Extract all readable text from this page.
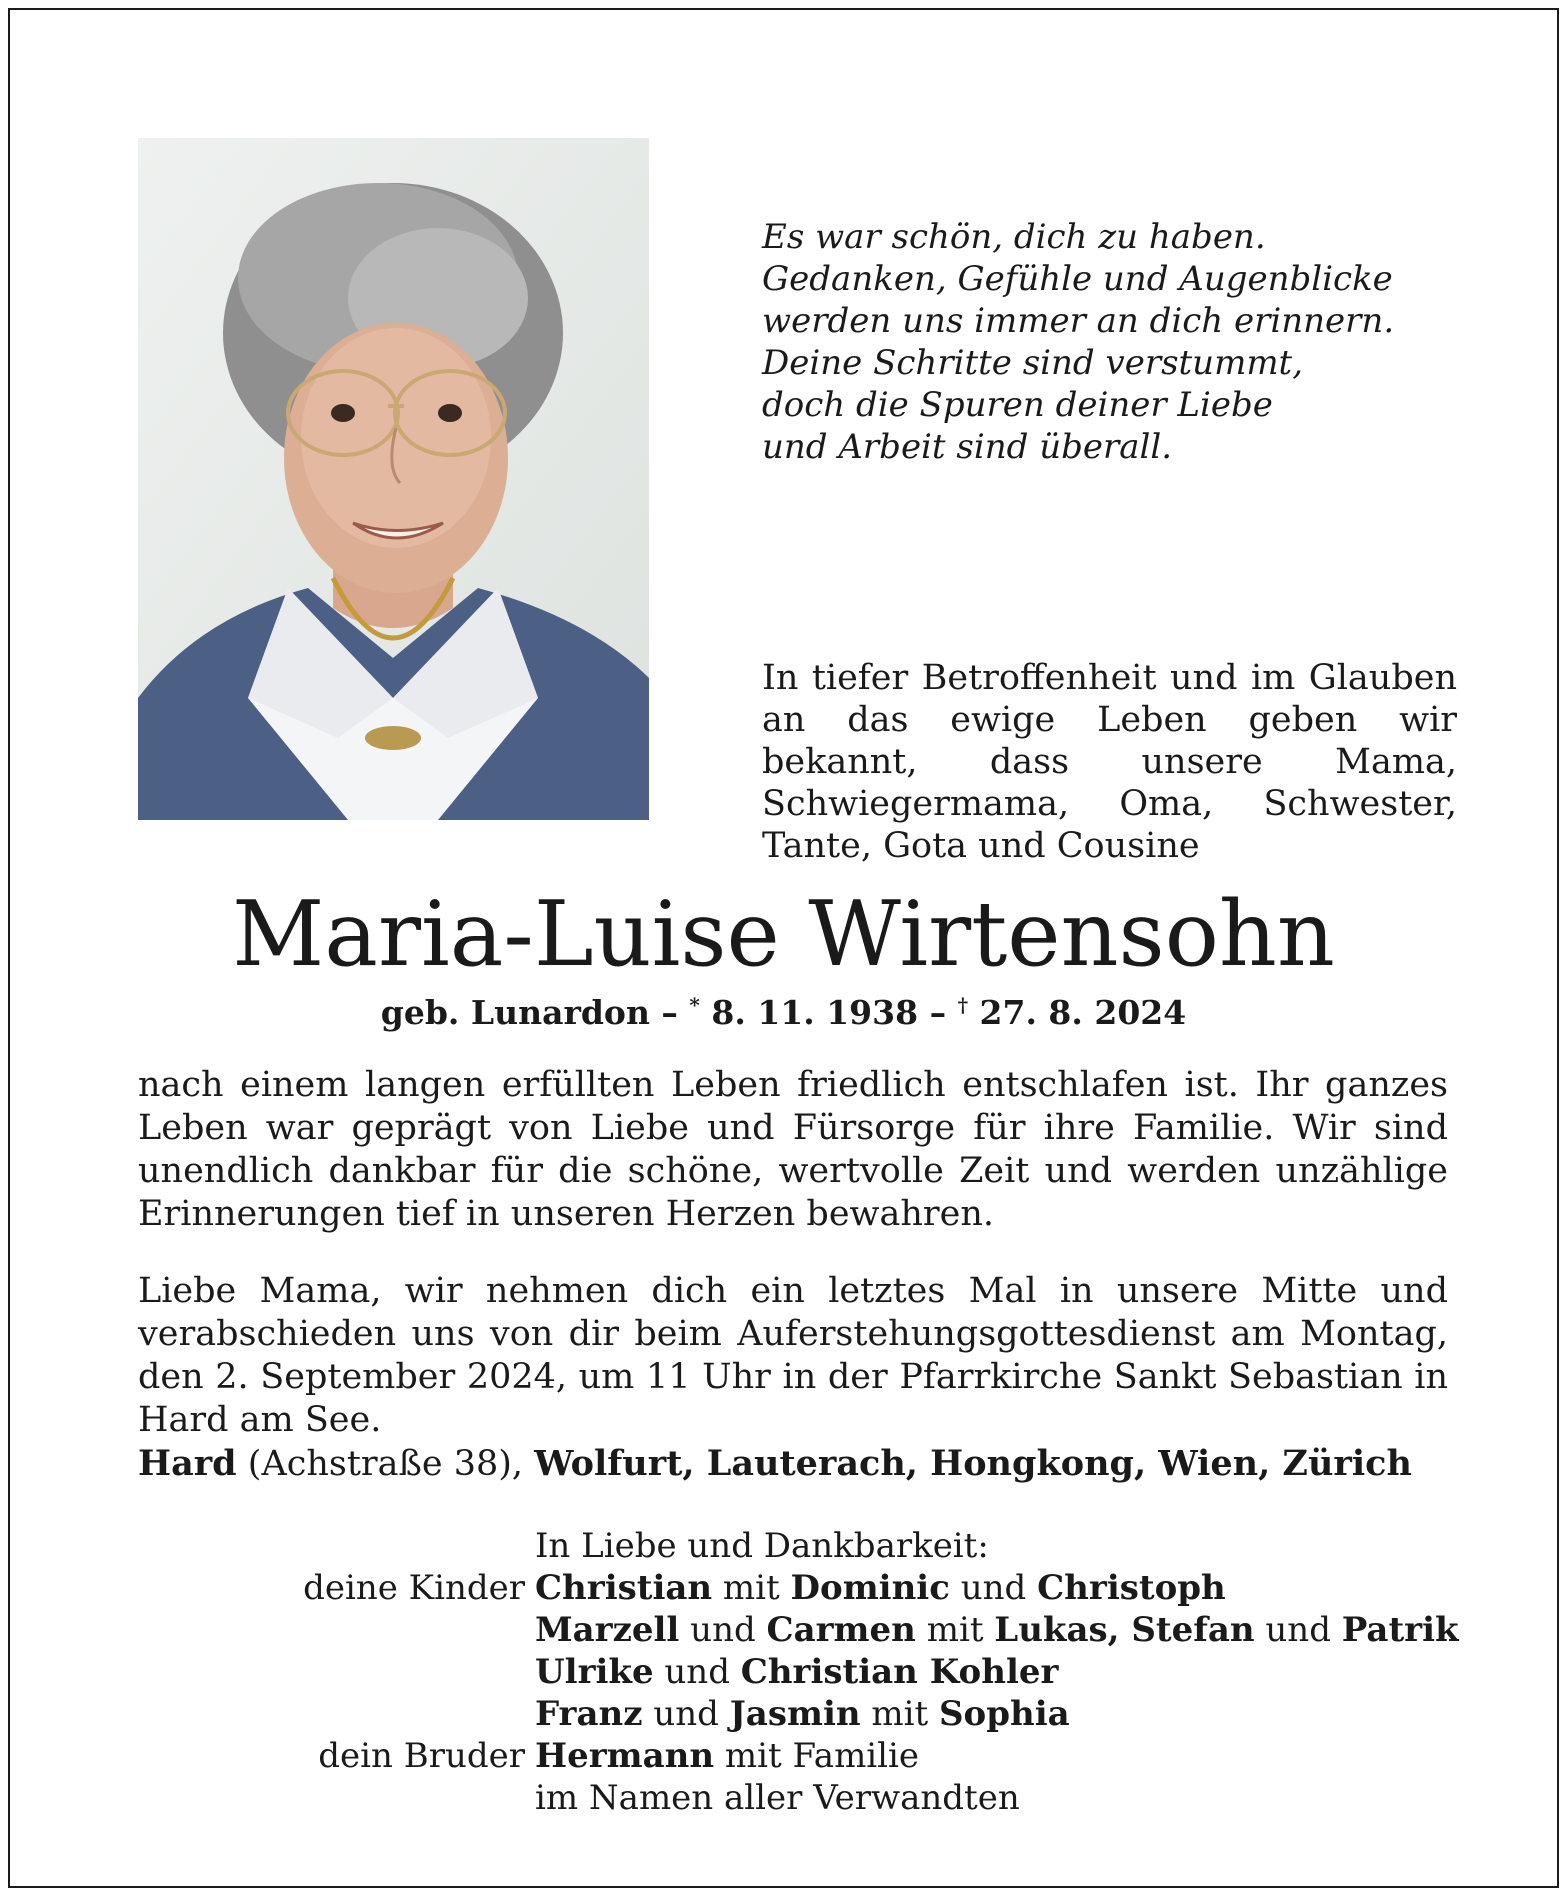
Es war schön, dich zu haben.
Gedanken, Gefühle und Augenblicke
werden uns immer an dich erinnern.
Deine Schritte sind verstummt,
doch die Spuren deiner Liebe
und Arbeit sind überall.
In tiefer Betroffenheit und im Glauben an das ewige Leben geben wir bekannt, dass unsere Mama, Schwiegermama, Oma, Schwester, Tante, Gota und Cousine
Maria-Luise Wirtensohn
geb. Lunardon – * 8. 11. 1938 – † 27. 8. 2024
nach einem langen erfüllten Leben friedlich entschlafen ist. Ihr ganzes Leben war geprägt von Liebe und Fürsorge für ihre Familie. Wir sind unendlich dankbar für die schöne, wertvolle Zeit und werden unzählige Erinnerungen tief in unseren Herzen bewahren.
Liebe Mama, wir nehmen dich ein letztes Mal in unsere Mitte und verabschieden uns von dir beim Auferstehungsgottesdienst am Montag, den 2. September 2024, um 11 Uhr in der Pfarrkirche Sankt Sebastian in Hard am See.
Hard (Achstraße 38), Wolfurt, Lauterach, Hongkong, Wien, Zürich
In Liebe und Dankbarkeit:
deine Kinder Christian mit Dominic und Christoph
Marzell und Carmen mit Lukas, Stefan und Patrik
Ulrike und Christian Kohler
Franz und Jasmin mit Sophia
dein Bruder Hermann mit Familie
im Namen aller Verwandten
